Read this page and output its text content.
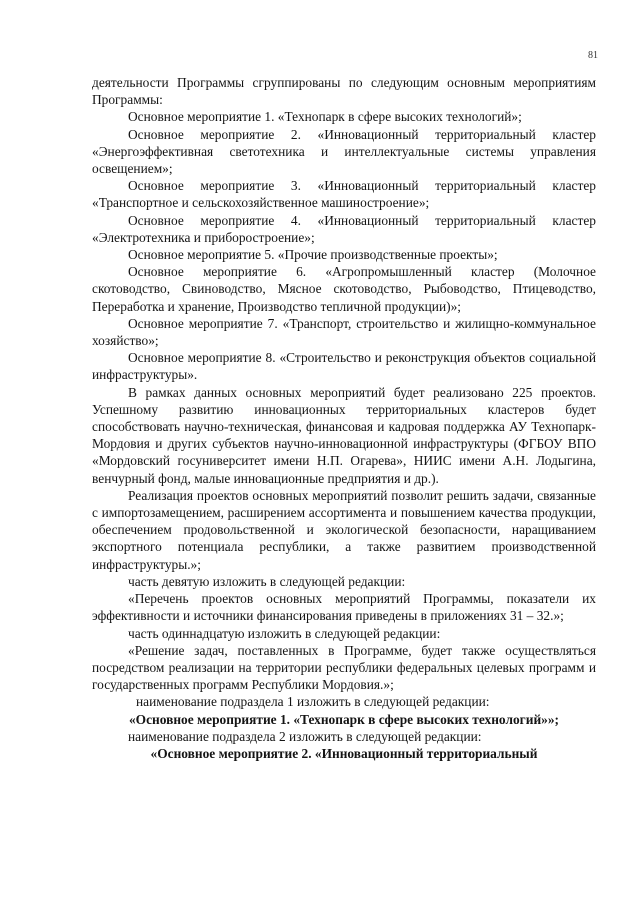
81

деятельности Программы сгруппированы по следующим основным мероприятиям Программы:

Основное мероприятие 1. «Технопарк в сфере высоких технологий»;

Основное мероприятие 2. «Инновационный территориальный кластер «Энергоэффективная светотехника и интеллектуальные системы управления освещением»;

Основное мероприятие 3. «Инновационный территориальный кластер «Транспортное и сельскохозяйственное машиностроение»;

Основное мероприятие 4. «Инновационный территориальный кластер «Электротехника и приборостроение»;

Основное мероприятие 5. «Прочие производственные проекты»;

Основное мероприятие 6. «Агропромышленный кластер (Молочное скотоводство, Свиноводство, Мясное скотоводство, Рыбоводство, Птицеводство, Переработка и хранение, Производство тепличной продукции)»;

Основное мероприятие 7. «Транспорт, строительство и жилищно-коммунальное хозяйство»;

Основное мероприятие 8. «Строительство и реконструкция объектов социальной инфраструктуры».

В рамках данных основных мероприятий будет реализовано 225 проектов. Успешному развитию инновационных территориальных кластеров будет способствовать научно-техническая, финансовая и кадровая поддержка АУ Технопарк-Мордовия и других субъектов научно-инновационной инфраструктуры (ФГБОУ ВПО «Мордовский госуниверситет имени Н.П. Огарева», НИИС имени А.Н. Лодыгина, венчурный фонд, малые инновационные предприятия и др.).

Реализация проектов основных мероприятий позволит решить задачи, связанные с импортозамещением, расширением ассортимента и повышением качества продукции, обеспечением продовольственной и экологической безопасности, наращиванием экспортного потенциала республики, а также развитием производственной инфраструктуры.»;

часть девятую изложить в следующей редакции:

«Перечень проектов основных мероприятий Программы, показатели их эффективности и источники финансирования приведены в приложениях 31 – 32.»;

часть одиннадцатую изложить в следующей редакции:

«Решение задач, поставленных в Программе, будет также осуществляться посредством реализации на территории республики федеральных целевых программ и государственных программ Республики Мордовия.»;

наименование подраздела 1 изложить в следующей редакции:

«Основное мероприятие 1. «Технопарк в сфере высоких технологий»»;

наименование подраздела 2 изложить в следующей редакции:

«Основное мероприятие 2. «Инновационный территориальный
